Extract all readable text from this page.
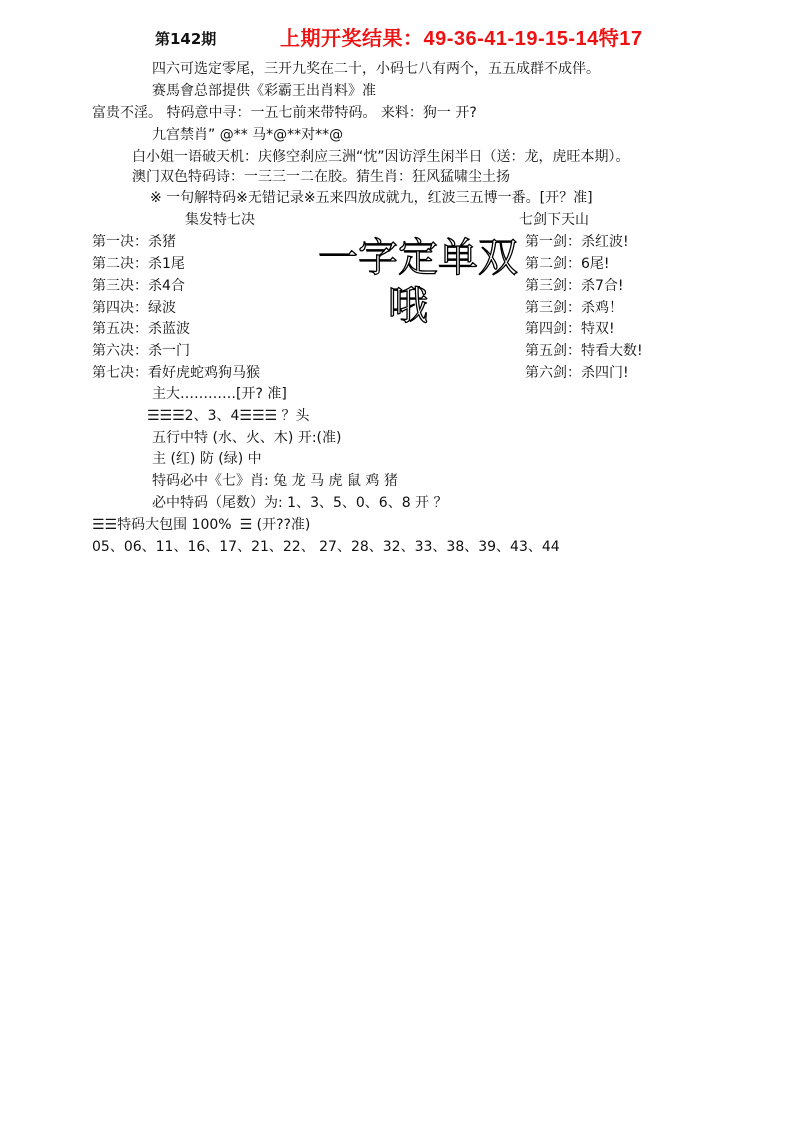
第142期	上期开奖结果：49-36-41-19-15-14特17
四六可选定零尾，三开九奖在二十，小码七八有两个，五五成群不成伴。
赛馬會总部提供《彩霸王出肖料》准
富贵不淫。 特码意中寻：一五七前来带特码。 来料：狗一 开?
九宫禁肖” @** 马*@**对**@
白小姐一语破天机：庆修空刹应三洲“忱”因访浮生闲半日（送：龙，虎旺本期）。
澳门双色特码诗：一三三一二在胶。猜生肖：狂风猛啸尘土扬
※ 一句解特码※无错记录※五来四放成就九，红波三五博一番。[开？准]
集发特七决	七剑下天山
第一决：杀猪
第二决：杀1尾
第三决：杀4合
第四决：绿波
第五决：杀蓝波
第六决：杀一门
第七决：看好虎蛇鸡狗马猴
第一剑：杀红波!
第二剑：6尾!
第三剑：杀7合!
第三剑：杀鸡！
第四剑：特双!
第五剑：特看大数!
第六剑：杀四门!
一字定单双
哦
主大…………[开? 准]
☰☰☰2、3、4☰☰☰ ？头
五行中特 (水、火、木) 开:(准)
主 (红) 防 (绿) 中
特码必中《七》肖: 兔 龙 马 虎 鼠 鸡 猪
必中特码（尾数）为: 1、3、5、0、6、8 开 ？
☰☰特码大包围 100% ☰ (开??准)
05、06、11、16、17、21、22、 27、28、32、33、38、39、43、44
